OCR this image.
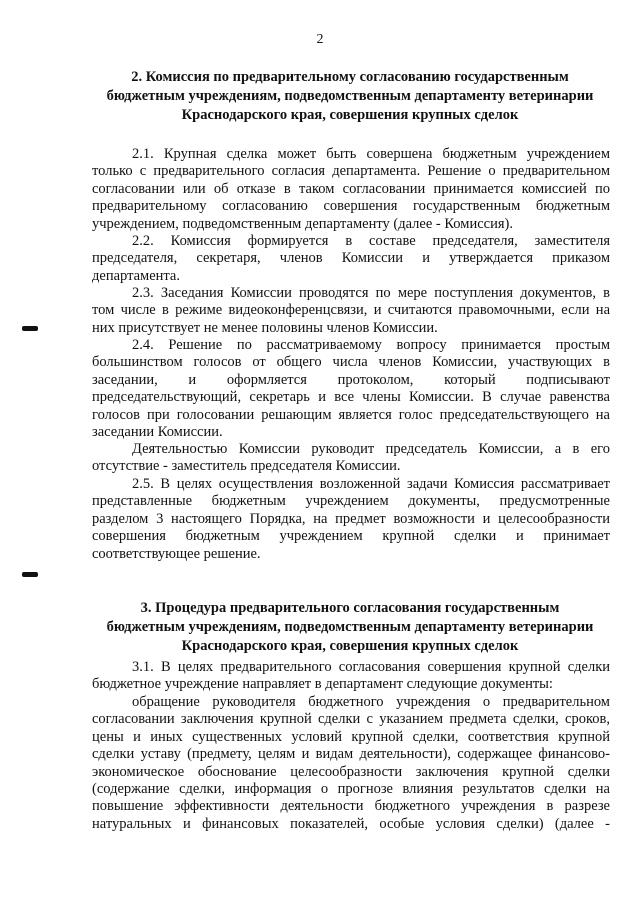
2
2. Комиссия по предварительному согласованию государственным
бюджетным учреждениям, подведомственным департаменту ветеринарии
Краснодарского края, совершения крупных сделок
2.1. Крупная сделка может быть совершена бюджетным учреждением
только с предварительного согласия департамента. Решение о предварительном
согласовании или об отказе в таком согласовании принимается комиссией по
предварительному согласованию совершения государственным бюджетным
учреждением, подведомственным департаменту (далее - Комиссия).
2.2. Комиссия формируется в составе председателя, заместителя
председателя, секретаря, членов Комиссии и утверждается приказом
департамента.
2.3. Заседания Комиссии проводятся по мере поступления документов, в
том числе в режиме видеоконференцсвязи, и считаются правомочными, если на
них присутствует не менее половины членов Комиссии.
2.4. Решение по рассматриваемому вопросу принимается простым
большинством голосов от общего числа членов Комиссии, участвующих в
заседании, и оформляется протоколом, который подписывают
председательствующий, секретарь и все члены Комиссии. В случае равенства
голосов при голосовании решающим является голос председательствующего на
заседании Комиссии.
Деятельностью Комиссии руководит председатель Комиссии, а в его
отсутствие - заместитель председателя Комиссии.
2.5. В целях осуществления возложенной задачи Комиссия рассматривает
представленные бюджетным учреждением документы, предусмотренные
разделом 3 настоящего Порядка, на предмет возможности и целесообразности
совершения бюджетным учреждением крупной сделки и принимает
соответствующее решение.
3. Процедура предварительного согласования государственным
бюджетным учреждениям, подведомственным департаменту ветеринарии
Краснодарского края, совершения крупных сделок
3.1. В целях предварительного согласования совершения крупной сделки
бюджетное учреждение направляет в департамент следующие документы:
обращение руководителя бюджетного учреждения о предварительном
согласовании заключения крупной сделки с указанием предмета сделки, сроков,
цены и иных существенных условий крупной сделки, соответствия крупной
сделки уставу (предмету, целям и видам деятельности), содержащее финансово-
экономическое обоснование целесообразности заключения крупной сделки
(содержание сделки, информация о прогнозе влияния результатов сделки на
повышение эффективности деятельности бюджетного учреждения в разрезе
натуральных и финансовых показателей, особые условия сделки) (далее -
